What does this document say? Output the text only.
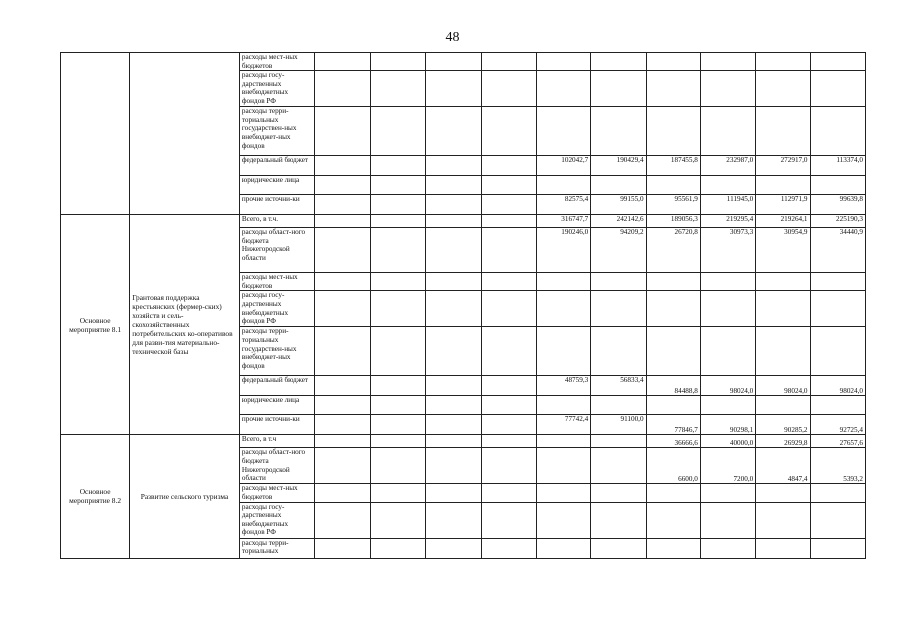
48
		расходы мест-ных бюджетов										
		расходы госу-дарственных внебюджетных фондов РФ										
		расходы терри-ториальных государствен-ных внебюджет-ных фондов										
		федеральный бюджет					102042,7	190429,4	187455,8	232987,0	272917,0	113374,0
		юридические лица										
		прочие источни-ки					82575,4	99155,0	95561,9	111945,0	112971,9	99639,8
Основное мероприятие 8.1	Грантовая поддержка крестьянских (фермер-ских) хозяйств и сель-скохозяйственных потребительских ко-оперативов для разви-тия материально-технической базы	Всего, в т.ч.					316747,7	242142,6	189056,3	219295,4	219264,1	225190,3
		расходы област-ного бюджета Нижегородской области					190246,0	94209,2	26720,8	30973,3	30954,9	34440,9
		расходы мест-ных бюджетов										
		расходы госу-дарственных внебюджетных фондов РФ										
		расходы терри-ториальных государствен-ных внебюджет-ных фондов										
		федеральный бюджет					48759,3	56833,4	84488,8	98024,0	98024,0	98024,0
		юридические лица										
		прочие источни-ки					77742,4	91100,0	77846,7	90298,1	90285,2	92725,4
Основное мероприятие 8.2	Развитие сельского туризма	Всего, в т.ч							36666,6	40000,0	26929,8	27657,6
		расходы област-ного бюджета Нижегородской области							6600,0	7200,0	4847,4	5393,2
		расходы мест-ных бюджетов										
		расходы госу-дарственных внебюджетных фондов РФ										
		расходы терри-ториальных										
